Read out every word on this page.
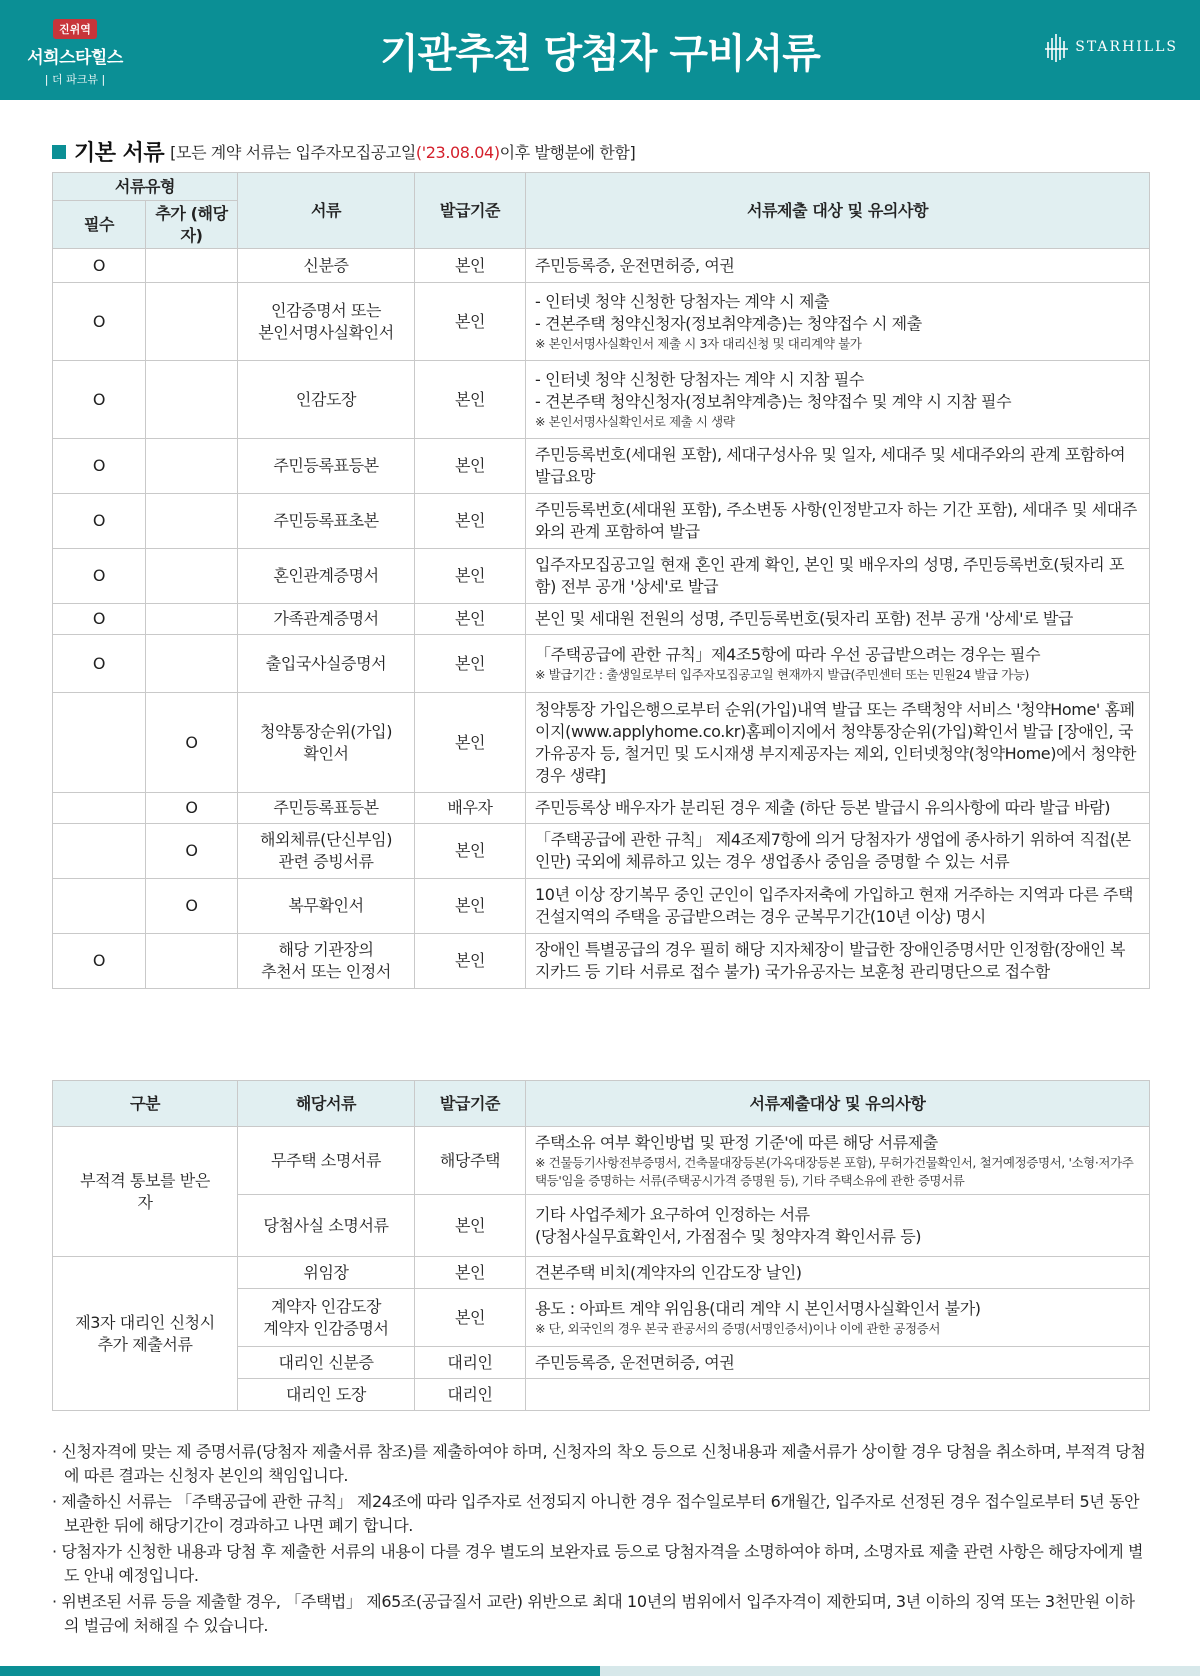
진위역
서희스타힐스
| 더 파크뷰 |
기관추천 당첨자 구비서류	STARHILLS
기본 서류 [모든 계약 서류는 입주자모집공고일('23.08.04)이후 발행분에 한함]
서류유형		서류	발급기준	서류제출 대상 및 유의사항
필수	추가 (해당자)			
O		신분증	본인	주민등록증, 운전면허증, 여권

O		인감증명서 또는
본인서명사실확인서	본인	- 인터넷 청약 신청한 당첨자는 계약 시 제출
- 견본주택 청약신청자(정보취약계층)는 청약접수 시 제출
※ 본인서명사실확인서 제출 시 3자 대리신청 및 대리계약 불가

O		인감도장	본인	- 인터넷 청약 신청한 당첨자는 계약 시 지참 필수
- 견본주택 청약신청자(정보취약계층)는 청약접수 및 계약 시 지참 필수
※ 본인서명사실확인서로 제출 시 생략

O		주민등록표등본	본인	주민등록번호(세대원 포함), 세대구성사유 및 일자, 세대주 및 세대주와의 관계 포함하여 발급요망

O		주민등록표초본	본인	주민등록번호(세대원 포함), 주소변동 사항(인정받고자 하는 기간 포함), 세대주 및 세대주와의 관계 포함하여 발급

O		혼인관계증명서	본인	입주자모집공고일 현재 혼인 관계 확인, 본인 및 배우자의 성명, 주민등록번호(뒷자리 포함) 전부 공개 '상세'로 발급

O		가족관계증명서	본인	본인 및 세대원 전원의 성명, 주민등록번호(뒷자리 포함) 전부 공개 '상세'로 발급

O		출입국사실증명서	본인	「주택공급에 관한 규칙」제4조5항에 따라 우선 공급받으려는 경우는 필수
※ 발급기간 : 출생일로부터 입주자모집공고일 현재까지 발급(주민센터 또는 민원24 발급 가능)

	O	청약통장순위(가입)
확인서	본인	청약통장 가입은행으로부터 순위(가입)내역 발급 또는 주택청약 서비스 '청약Home' 홈페이지(www.applyhome.co.kr)홈페이지에서 청약통장순위(가입)확인서 발급 [장애인, 국가유공자 등, 철거민 및 도시재생 부지제공자는 제외, 인터넷청약(청약Home)에서 청약한 경우 생략]

	O	주민등록표등본	배우자	주민등록상 배우자가 분리된 경우 제출 (하단 등본 발급시 유의사항에 따라 발급 바람)

	O	해외체류(단신부임)
관련 증빙서류	본인	「주택공급에 관한 규칙」 제4조제7항에 의거 당첨자가 생업에 종사하기 위하여 직접(본인만) 국외에 체류하고 있는 경우 생업종사 중임을 증명할 수 있는 서류

	O	복무확인서	본인	10년 이상 장기복무 중인 군인이 입주자저축에 가입하고 현재 거주하는 지역과 다른 주택건설지역의 주택을 공급받으려는 경우 군복무기간(10년 이상) 명시

O		해당 기관장의
추천서 또는 인정서	본인	장애인 특별공급의 경우 필히 해당 지자체장이 발급한 장애인증명서만 인정함(장애인 복지카드 등 기타 서류로 접수 불가) 국가유공자는 보훈청 관리명단으로 접수함
구분	해당서류	발급기준	서류제출대상 및 유의사항
부적격 통보를 받은자	무주택 소명서류	해당주택	주택소유 여부 확인방법 및 판정 기준'에 따른 해당 서류제출
※ 건물등기사항전부증명서, 건축물대장등본(가옥대장등본 포함), 무허가건물확인서, 철거예정증명서, '소형·저가주택등'임을 증명하는 서류(주택공시가격 증명원 등), 기타 주택소유에 관한 증명서류

	당첨사실 소명서류	본인	기타 사업주체가 요구하여 인정하는 서류
(당첨사실무효확인서, 가점점수 및 청약자격 확인서류 등)

제3자 대리인 신청시 추가 제출서류	위임장	본인	견본주택 비치(계약자의 인감도장 날인)

	계약자 인감도장
계약자 인감증명서	본인	용도 : 아파트 계약 위임용(대리 계약 시 본인서명사실확인서 불가)
※ 단, 외국인의 경우 본국 관공서의 증명(서명인증서)이나 이에 관한 공정증서

	대리인 신분증	대리인	주민등록증, 운전면허증, 여권

	대리인 도장	대리인	

· 신청자격에 맞는 제 증명서류(당첨자 제출서류 참조)를 제출하여야 하며, 신청자의 착오 등으로 신청내용과 제출서류가 상이할 경우 당첨을 취소하며, 부적격 당첨에 따른 결과는 신청자 본인의 책임입니다.

· 제출하신 서류는 「주택공급에 관한 규칙」 제24조에 따라 입주자로 선정되지 아니한 경우 접수일로부터 6개월간, 입주자로 선정된 경우 접수일로부터 5년 동안 보관한 뒤에 해당기간이 경과하고 나면 폐기 합니다.

· 당첨자가 신청한 내용과 당첨 후 제출한 서류의 내용이 다를 경우 별도의 보완자료 등으로 당첨자격을 소명하여야 하며, 소명자료 제출 관련 사항은 해당자에게 별도 안내 예정입니다.

· 위변조된 서류 등을 제출할 경우, 「주택법」 제65조(공급질서 교란) 위반으로 최대 10년의 범위에서 입주자격이 제한되며, 3년 이하의 징역 또는 3천만원 이하의 벌금에 처해질 수 있습니다.
